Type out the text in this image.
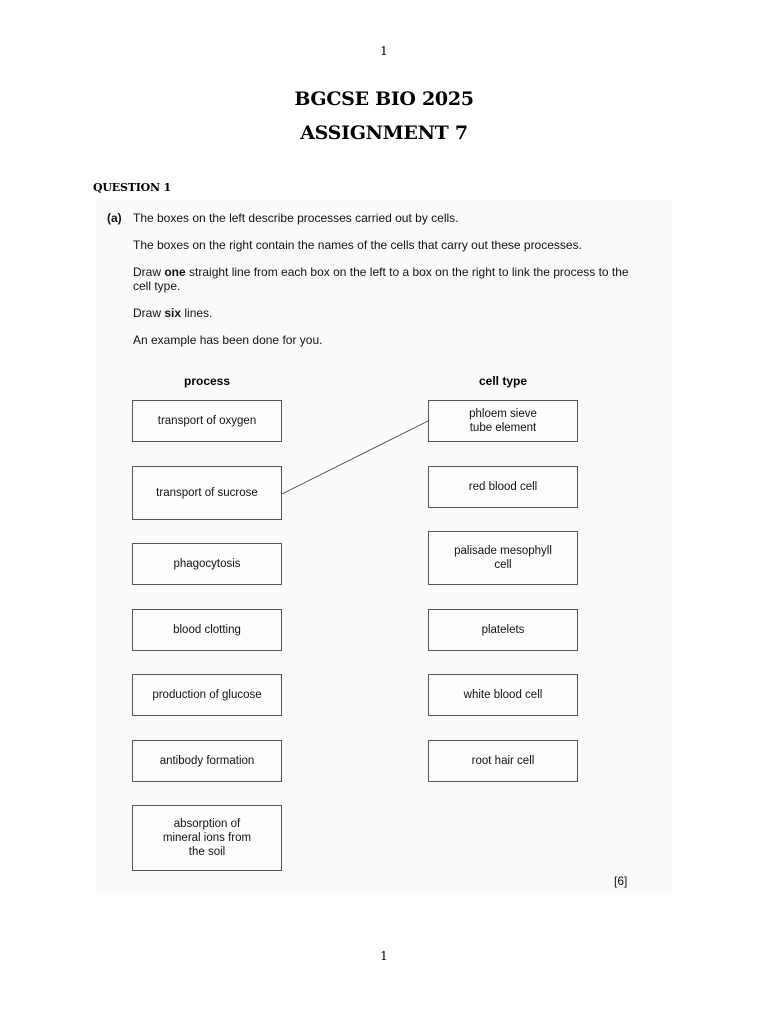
1
BGCSE BIO 2025
ASSIGNMENT 7
QUESTION 1
(a) The boxes on the left describe processes carried out by cells.
The boxes on the right contain the names of the cells that carry out these processes.
Draw one straight line from each box on the left to a box on the right to link the process to the
cell type.
Draw six lines.
An example has been done for you.
process	cell type
transport of oxygen
transport of sucrose
phagocytosis
blood clotting
production of glucose
antibody formation
absorption of
mineral ions from
the soil
phloem sieve
tube element
red blood cell
palisade mesophyll
cell
platelets
white blood cell
root hair cell
[6]
1
